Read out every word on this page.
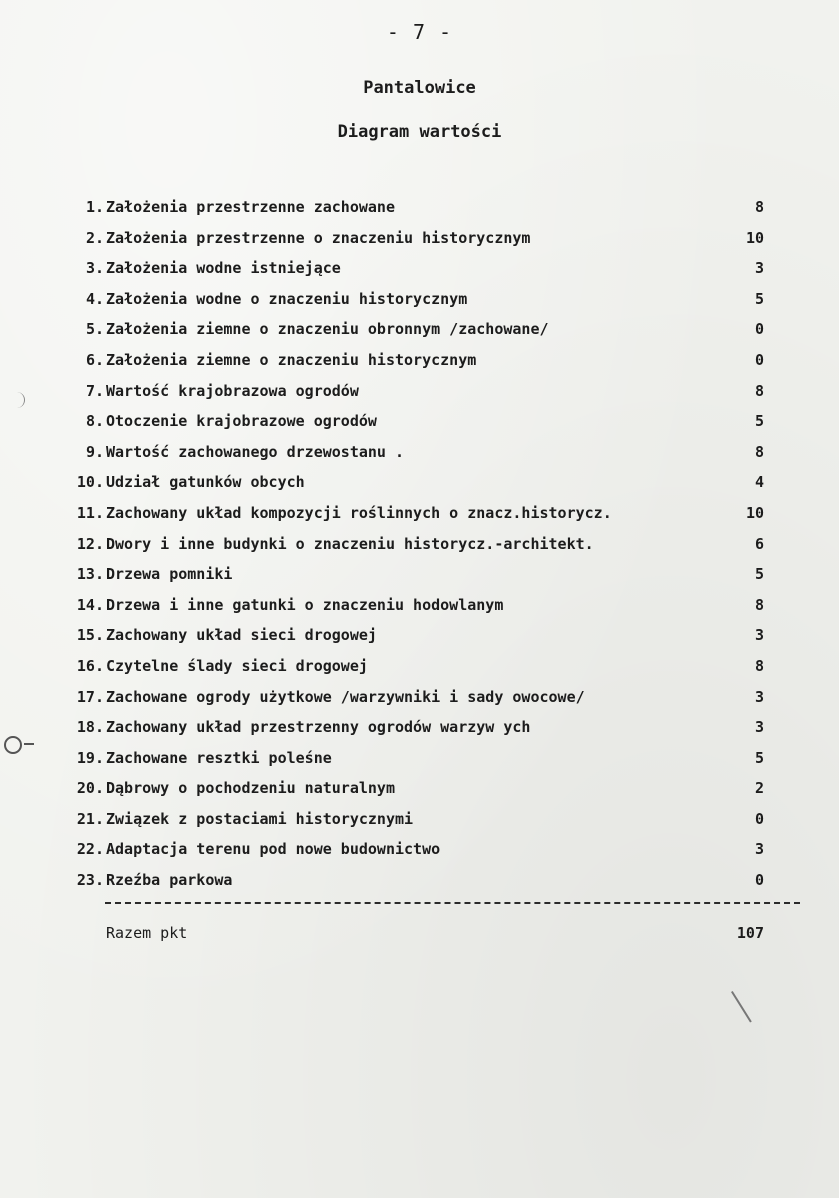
- 7 -
Pantalowice
Diagram wartości
1. Założenia przestrzenne zachowane	8
2. Założenia przestrzenne o znaczeniu historycznym	10
3. Założenia wodne istniejące	3
4. Założenia wodne o znaczeniu historycznym	5
5. Założenia ziemne o znaczeniu obronnym /zachowane/	0
6. Założenia ziemne o znaczeniu historycznym	0
7. Wartość krajobrazowa ogrodów	8
8. Otoczenie krajobrazowe ogrodów	5
9. Wartość zachowanego drzewostanu .	8
10. Udział gatunków obcych	4
11. Zachowany układ kompozycji roślinnych o znacz.historycz.	10
12. Dwory i inne budynki o znaczeniu historycz.-architekt.	6
13. Drzewa pomniki	5
14. Drzewa i inne gatunki o znaczeniu hodowlanym	8
15. Zachowany układ sieci drogowej	3
16. Czytelne ślady sieci drogowej	8
17. Zachowane ogrody użytkowe /warzywniki i sady owocowe/	3
18. Zachowany układ przestrzenny ogrodów warzyw ych	3
19. Zachowane resztki poleśne	5
20. Dąbrowy o pochodzeniu naturalnym	2
21. Związek z postaciami historycznymi	0
22. Adaptacja terenu pod nowe budownictwo	3
23. Rzeźba parkowa	0
Razem pkt	107
